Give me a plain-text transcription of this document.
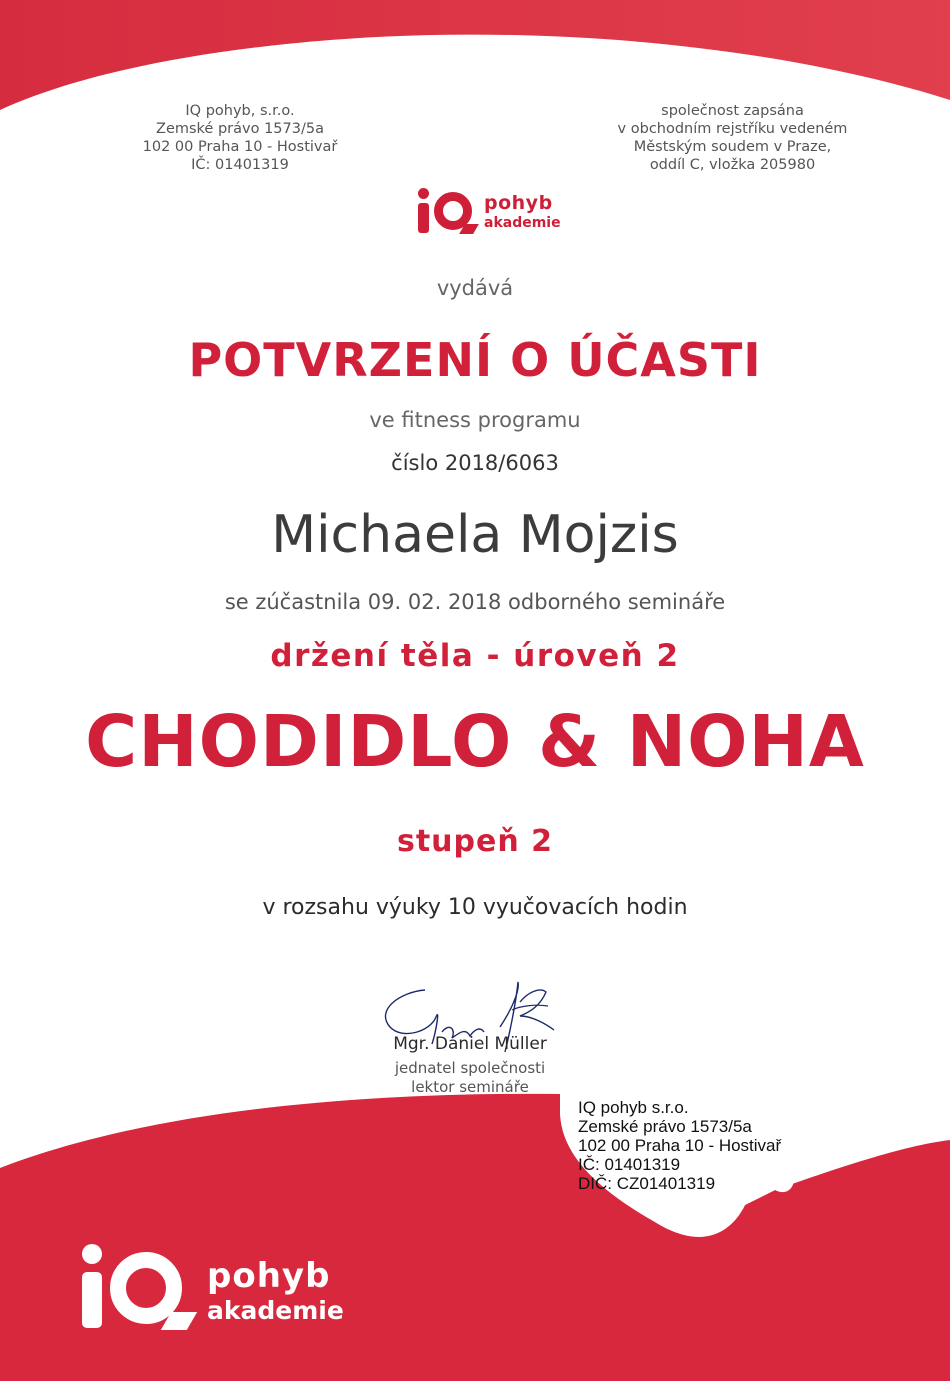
IQ pohyb, s.r.o.
Zemské právo 1573/5a
102 00 Praha 10 - Hostivař
IČ: 01401319
společnost zapsána
v obchodním rejstříku vedeném
Městským soudem v Praze,
oddíl C, vložka 205980
pohyb
akademie
vydává
POTVRZENÍ O ÚČASTI
ve fitness programu
číslo 2018/6063
Michaela Mojzis
se zúčastnila 09. 02. 2018 odborného semináře
držení těla - úroveň 2
CHODIDLO & NOHA
stupeň 2
v rozsahu výuky 10 vyučovacích hodin
Mgr. Daniel Müller
jednatel společnosti
lektor semináře
IQ pohyb s.r.o.
Zemské právo 1573/5a
102 00 Praha 10 - Hostivař
IČ: 01401319
DIČ: CZ01401319
pohyb
akademie
